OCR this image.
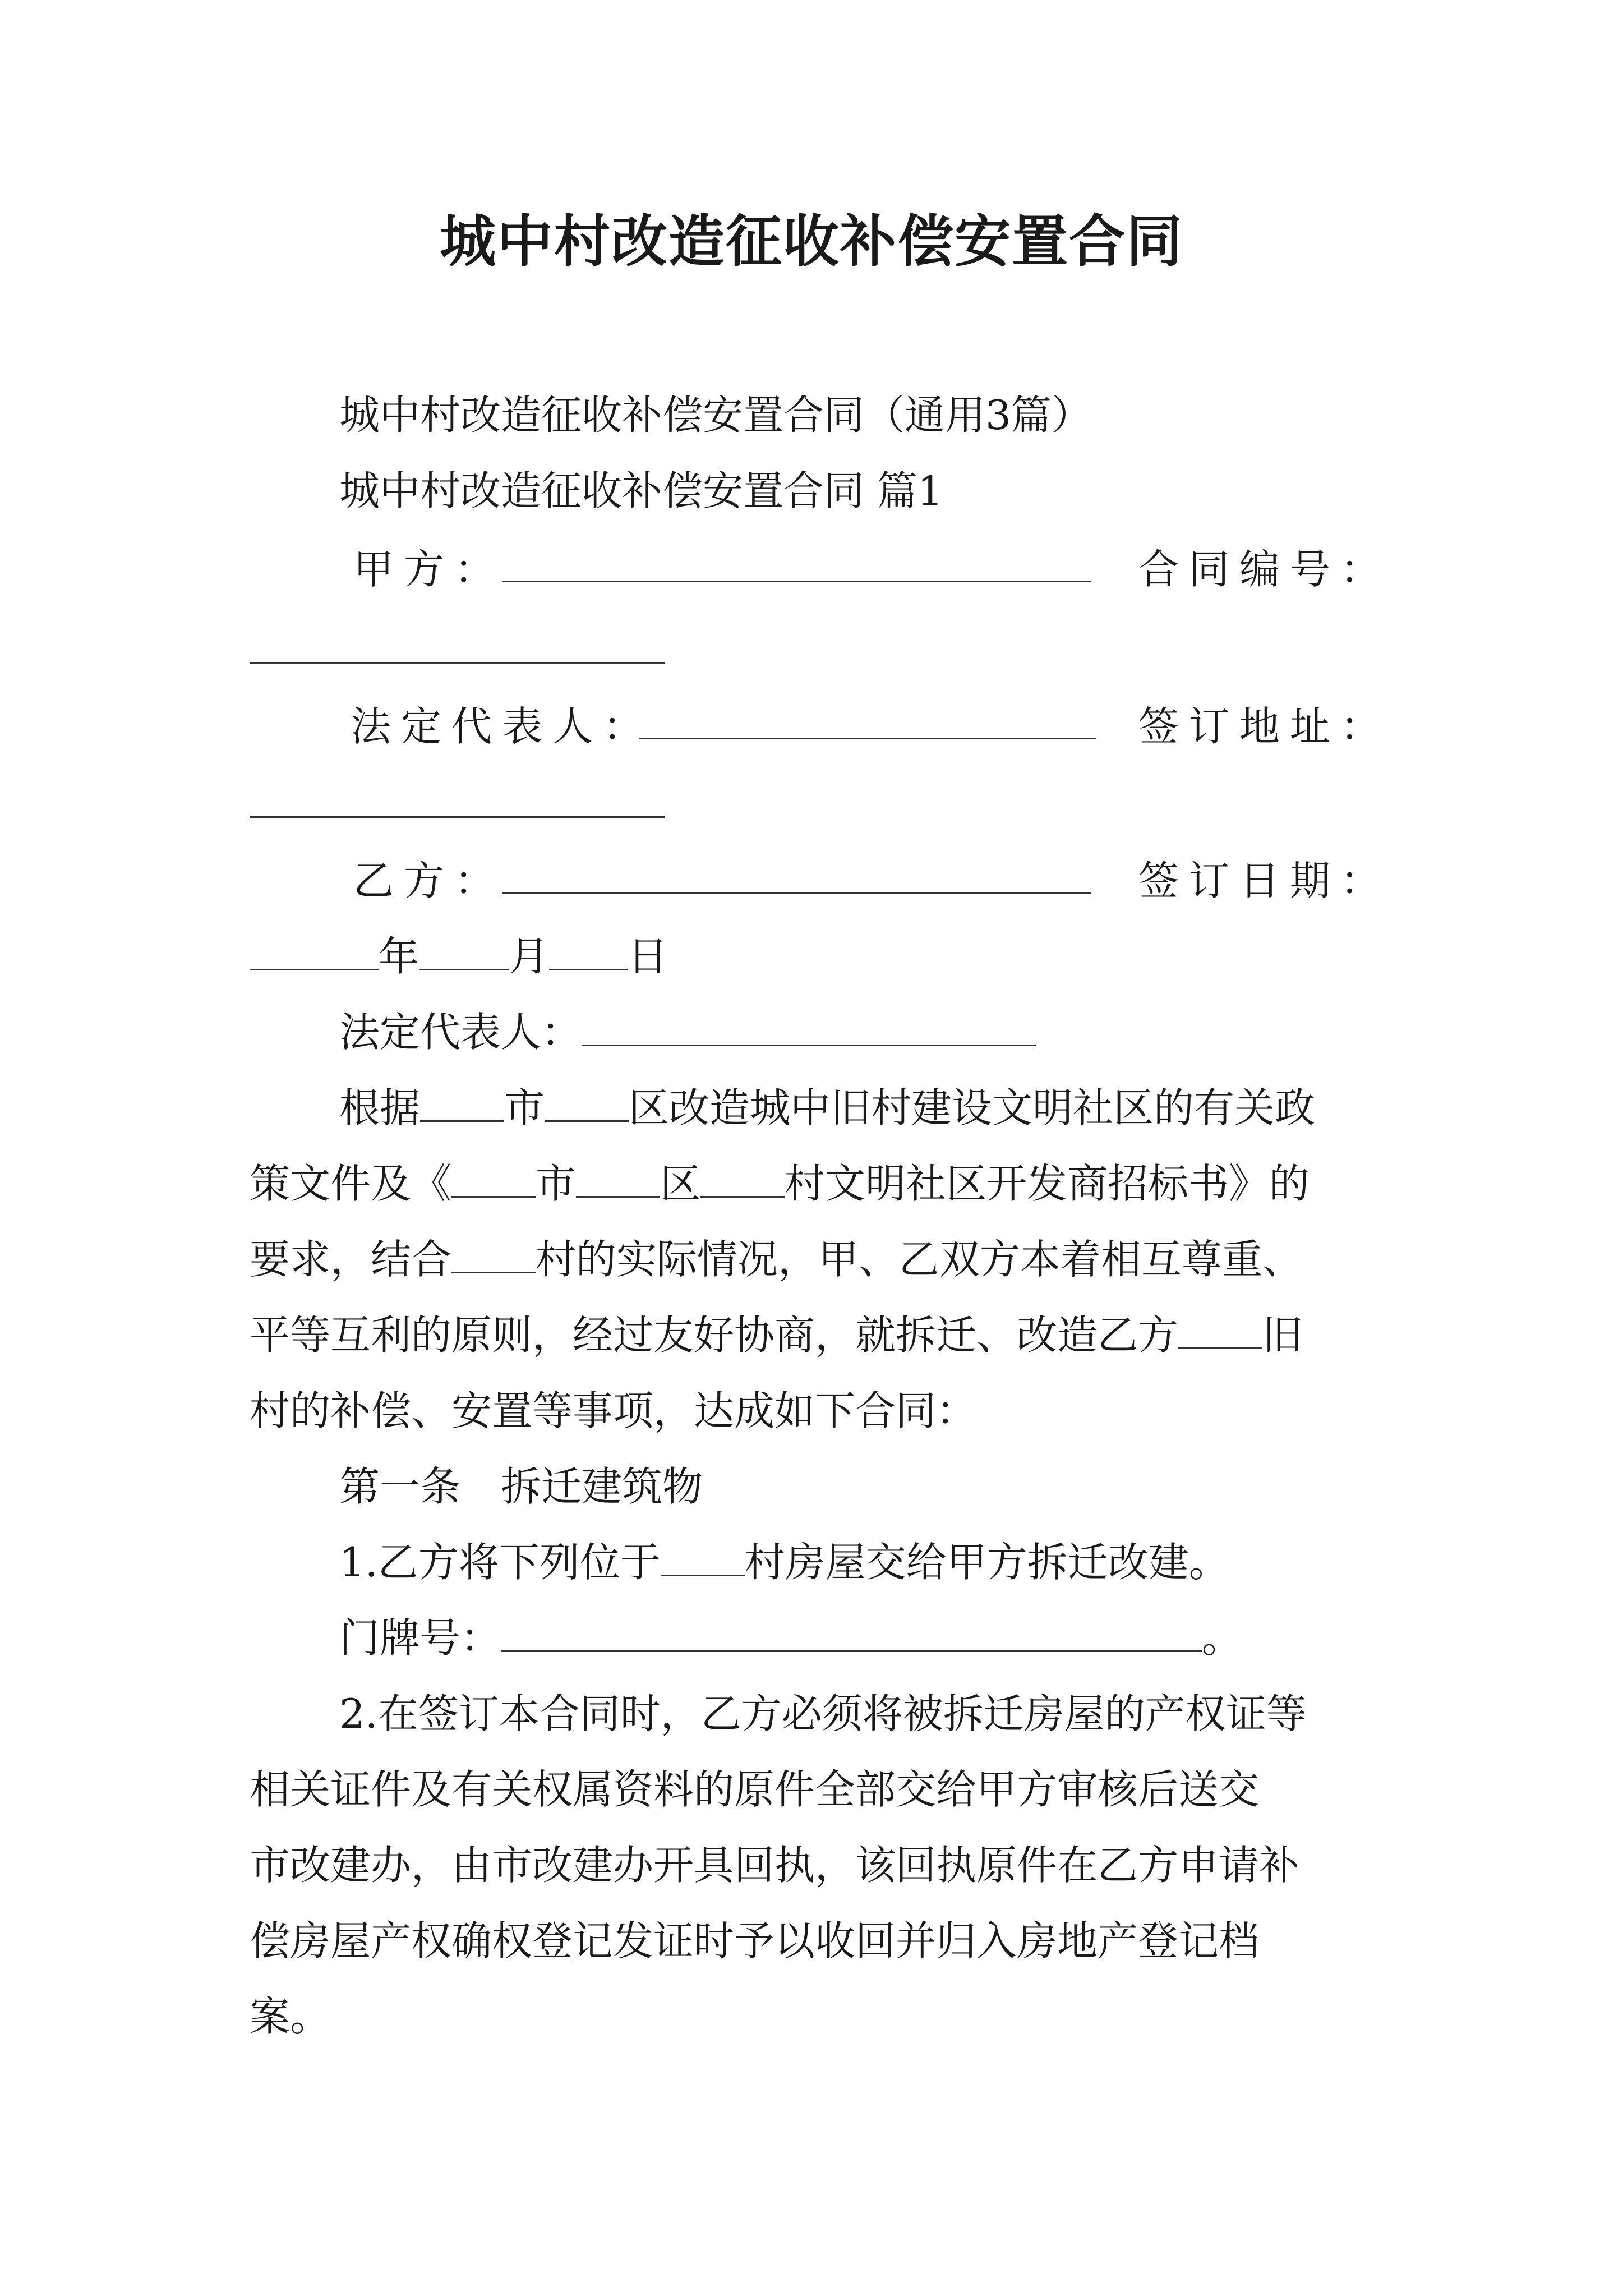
城中村改造征收补偿安置合同
城中村改造征收补偿安置合同（通用3篇）
城中村改造征收补偿安置合同 篇1
甲方：	合同编号：
法定代表人：	签订地址：
乙方：	签订日期：
年 月 日
法定代表人：
根据 市 区改造城中旧村建设文明社区的有关政
策文件及《 市 区 村文明社区开发商招标书》的
要求，结合 村的实际情况，甲、乙双方本着相互尊重、
平等互利的原则，经过友好协商，就拆迁、改造乙方 旧
村的补偿、安置等事项，达成如下合同：
第一条　拆迁建筑物
1.乙方将下列位于 村房屋交给甲方拆迁改建。
门牌号：	。
2.在签订本合同时，乙方必须将被拆迁房屋的产权证等
相关证件及有关权属资料的原件全部交给甲方审核后送交
市改建办，由市改建办开具回执，该回执原件在乙方申请补
偿房屋产权确权登记发证时予以收回并归入房地产登记档
案。
